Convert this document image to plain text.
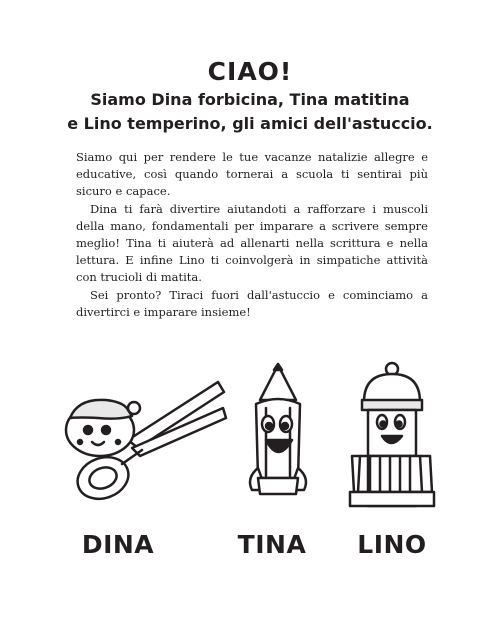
CIAO!
Siamo Dina forbicina, Tina matitina
e Lino temperino, gli amici dell'astuccio.

Siamo qui per rendere le tue vacanze natalizie allegre e educative, così quando tornerai a scuola ti sentirai più sicuro e capace.

Dina ti farà divertire aiutandoti a rafforzare i muscoli della mano, fondamentali per imparare a scrivere sempre meglio! Tina ti aiuterà ad allenarti nella scrittura e nella lettura. E infine Lino ti coinvolgerà in simpatiche attività con trucioli di matita.

Sei pronto? Tiraci fuori dall'astuccio e cominciamo a divertirci e imparare insieme!

DINA	TINA	LINO
